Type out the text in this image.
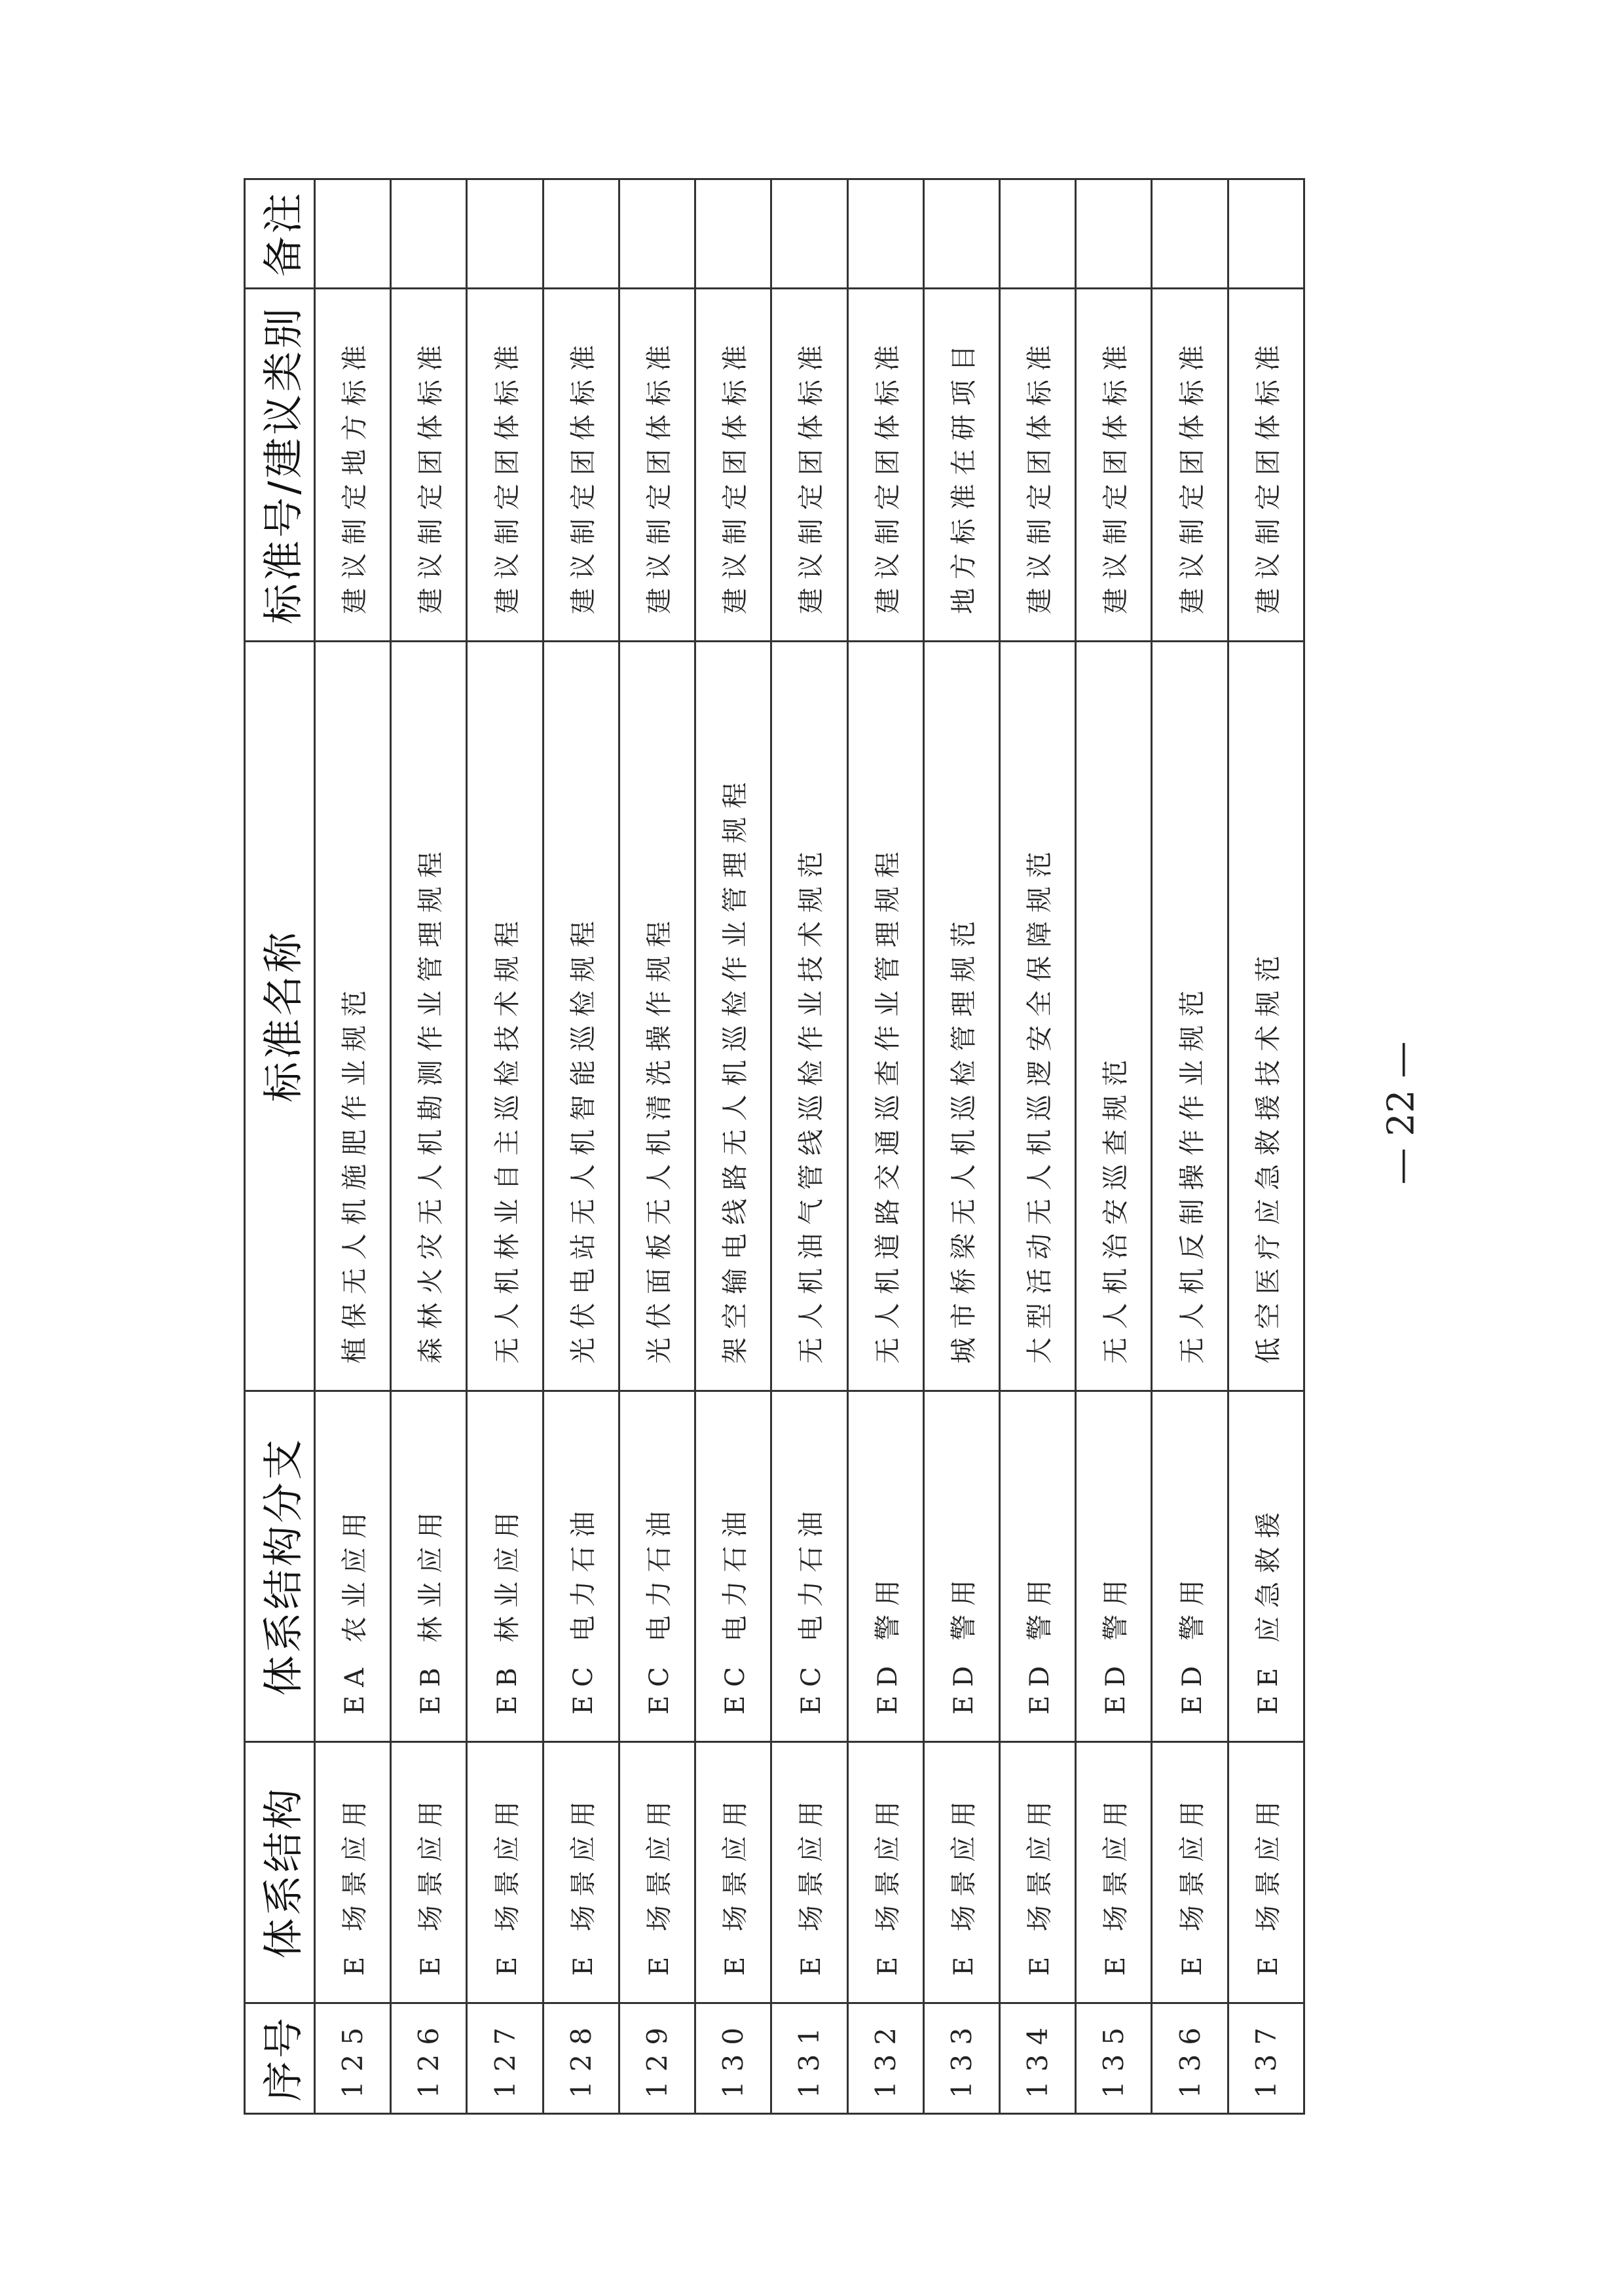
序号	体系结构	体系结构分支	标准名称	标准号/建议类别	备注
125	E 场景应用	EA 农业应用	植保无人机施肥作业规范	建议制定地方标准	
126	E 场景应用	EB 林业应用	森林火灾无人机勘测作业管理规程	建议制定团体标准	
127	E 场景应用	EB 林业应用	无人机林业自主巡检技术规程	建议制定团体标准	
128	E 场景应用	EC 电力石油	光伏电站无人机智能巡检规程	建议制定团体标准	
129	E 场景应用	EC 电力石油	光伏面板无人机清洗操作规程	建议制定团体标准	
130	E 场景应用	EC 电力石油	架空输电线路无人机巡检作业管理规程	建议制定团体标准	
131	E 场景应用	EC 电力石油	无人机油气管线巡检作业技术规范	建议制定团体标准	
132	E 场景应用	ED 警用	无人机道路交通巡查作业管理规程	建议制定团体标准	
133	E 场景应用	ED 警用	城市桥梁无人机巡检管理规范	地方标准在研项目	
134	E 场景应用	ED 警用	大型活动无人机巡逻安全保障规范	建议制定团体标准	
135	E 场景应用	ED 警用	无人机治安巡查规范	建议制定团体标准	
136	E 场景应用	ED 警用	无人机反制操作作业规范	建议制定团体标准	
137	E 场景应用	EE 应急救援	低空医疗应急救援技术规范	建议制定团体标准	
— 22 —
